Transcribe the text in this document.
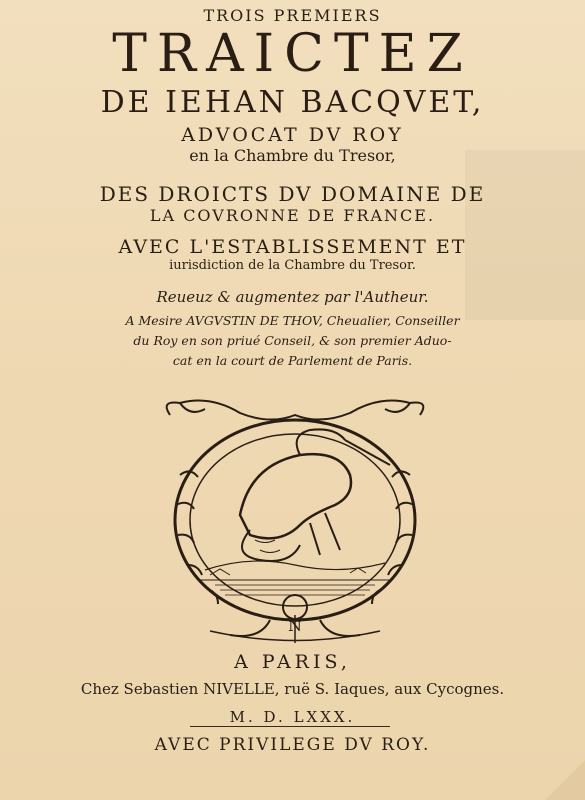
TROIS PREMIERS
TRAICTEZ
DE IEHAN BACQVET,
ADVOCAT DV ROY
en la Chambre du Tresor,
DES DROICTS DV DOMAINE DE
LA COVRONNE DE FRANCE.
AVEC L'ESTABLISSEMENT ET
iurisdiction de la Chambre du Tresor.
Reueuz & augmentez par l'Autheur.
A Mesire AVGVSTIN DE THOV, Cheualier, Conseiller
du Roy en son priué Conseil, & son premier Aduo-
cat en la court de Parlement de Paris.
N
A PARIS,
Chez Sebastien NIVELLE, ruë S. Iaques, aux Cycognes.
M. D. LXXX.
AVEC PRIVILEGE DV ROY.
